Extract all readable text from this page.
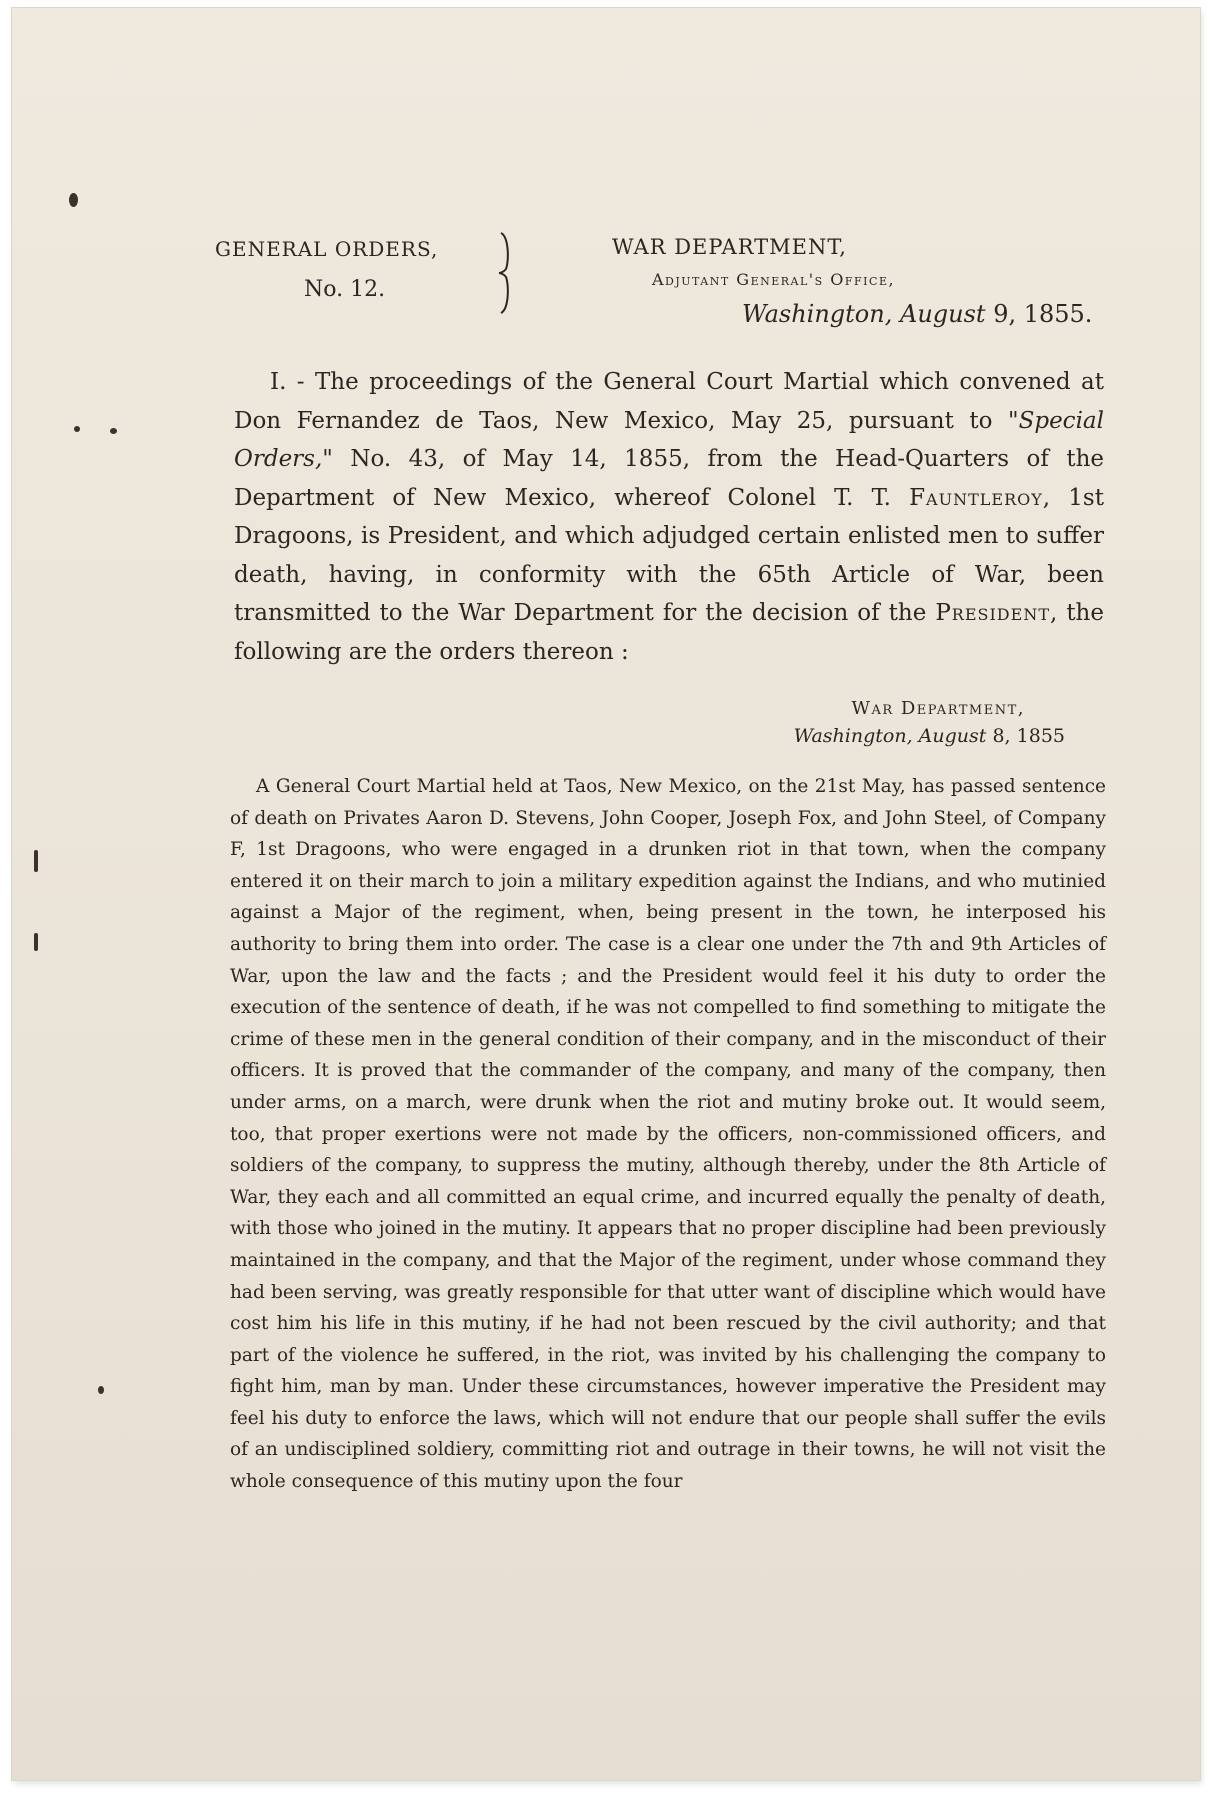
GENERAL ORDERS,
No. 12.
WAR DEPARTMENT,
Adjutant General's Office,
Washington, August 9, 1855.

I. - The proceedings of the General Court Martial which convened at Don Fernandez de Taos, New Mexico, May 25, pursuant to "Special Orders," No. 43, of May 14, 1855, from the Head-Quarters of the Department of New Mexico, whereof Colonel T. T. Fauntleroy, 1st Dragoons, is President, and which adjudged certain enlisted men to suffer death, having, in conformity with the 65th Article of War, been transmitted to the War Department for the decision of the President, the following are the orders thereon :

War Department,
Washington, August 8, 1855

A General Court Martial held at Taos, New Mexico, on the 21st May, has passed sentence of death on Privates Aaron D. Stevens, John Cooper, Joseph Fox, and John Steel, of Company F, 1st Dragoons, who were engaged in a drunken riot in that town, when the company entered it on their march to join a military expedition against the Indians, and who mutinied against a Major of the regiment, when, being present in the town, he interposed his authority to bring them into order. The case is a clear one under the 7th and 9th Articles of War, upon the law and the facts ; and the President would feel it his duty to order the execution of the sentence of death, if he was not compelled to find something to mitigate the crime of these men in the general condition of their company, and in the misconduct of their officers. It is proved that the commander of the company, and many of the company, then under arms, on a march, were drunk when the riot and mutiny broke out. It would seem, too, that proper exertions were not made by the officers, non-commissioned officers, and soldiers of the company, to suppress the mutiny, although thereby, under the 8th Article of War, they each and all committed an equal crime, and incurred equally the penalty of death, with those who joined in the mutiny. It appears that no proper discipline had been previously maintained in the company, and that the Major of the regiment, under whose command they had been serving, was greatly responsible for that utter want of discipline which would have cost him his life in this mutiny, if he had not been rescued by the civil authority; and that part of the violence he suffered, in the riot, was invited by his challenging the company to fight him, man by man. Under these circumstances, however imperative the President may feel his duty to enforce the laws, which will not endure that our people shall suffer the evils of an undisciplined soldiery, committing riot and outrage in their towns, he will not visit the whole consequence of this mutiny upon the four
